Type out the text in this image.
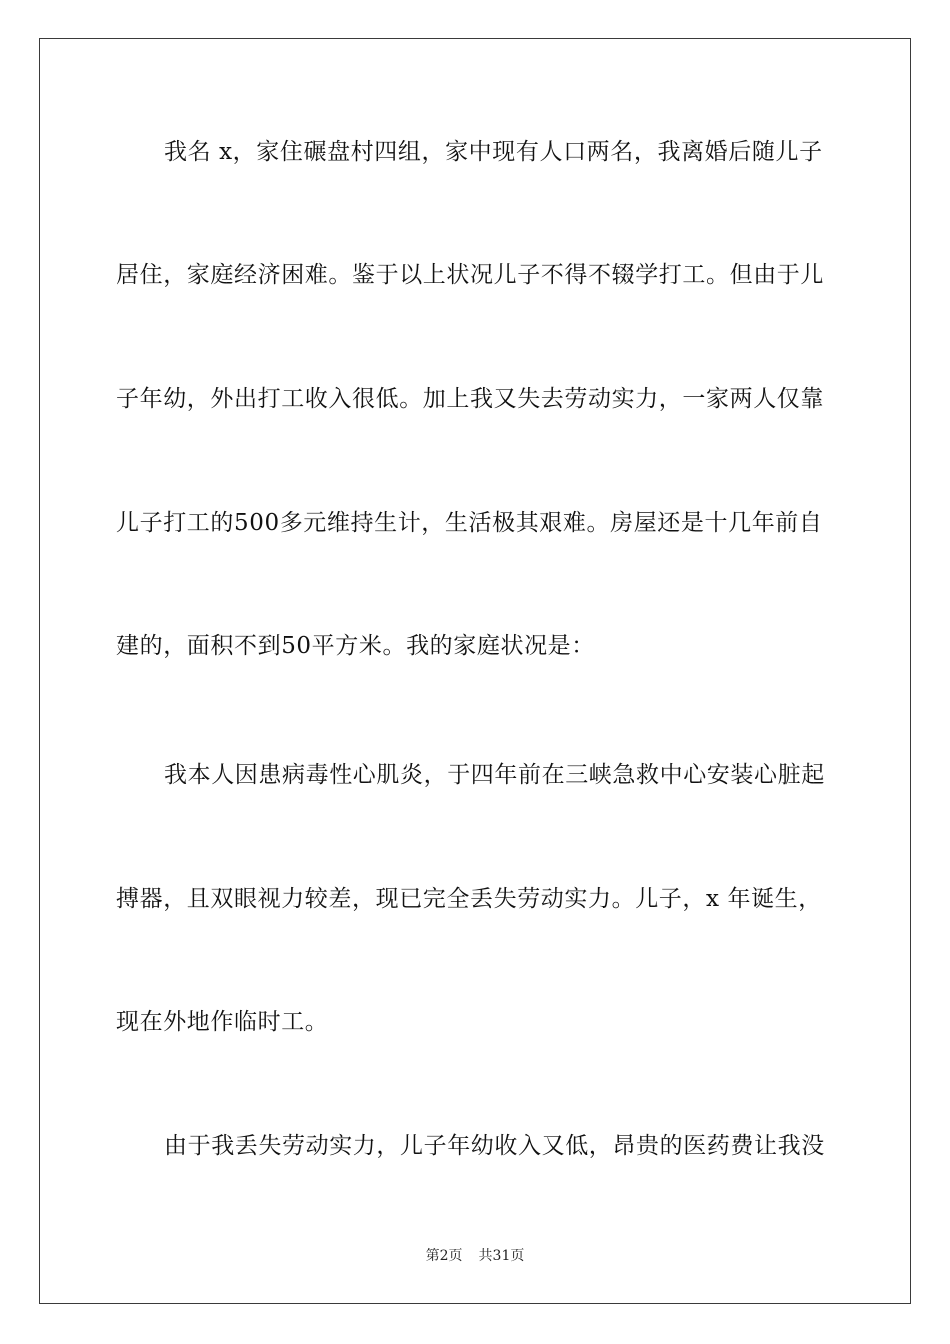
我名 x，家住碾盘村四组，家中现有人口两名，我离婚后随儿子
居住，家庭经济困难。鉴于以上状况儿子不得不辍学打工。但由于儿
子年幼，外出打工收入很低。加上我又失去劳动实力，一家两人仅靠
儿子打工的500多元维持生计，生活极其艰难。房屋还是十几年前自
建的，面积不到50平方米。我的家庭状况是：
我本人因患病毒性心肌炎，于四年前在三峡急救中心安装心脏起
搏器，且双眼视力较差，现已完全丢失劳动实力。儿子，x 年诞生，
现在外地作临时工。
由于我丢失劳动实力，儿子年幼收入又低，昂贵的医药费让我没
第2页 共31页
